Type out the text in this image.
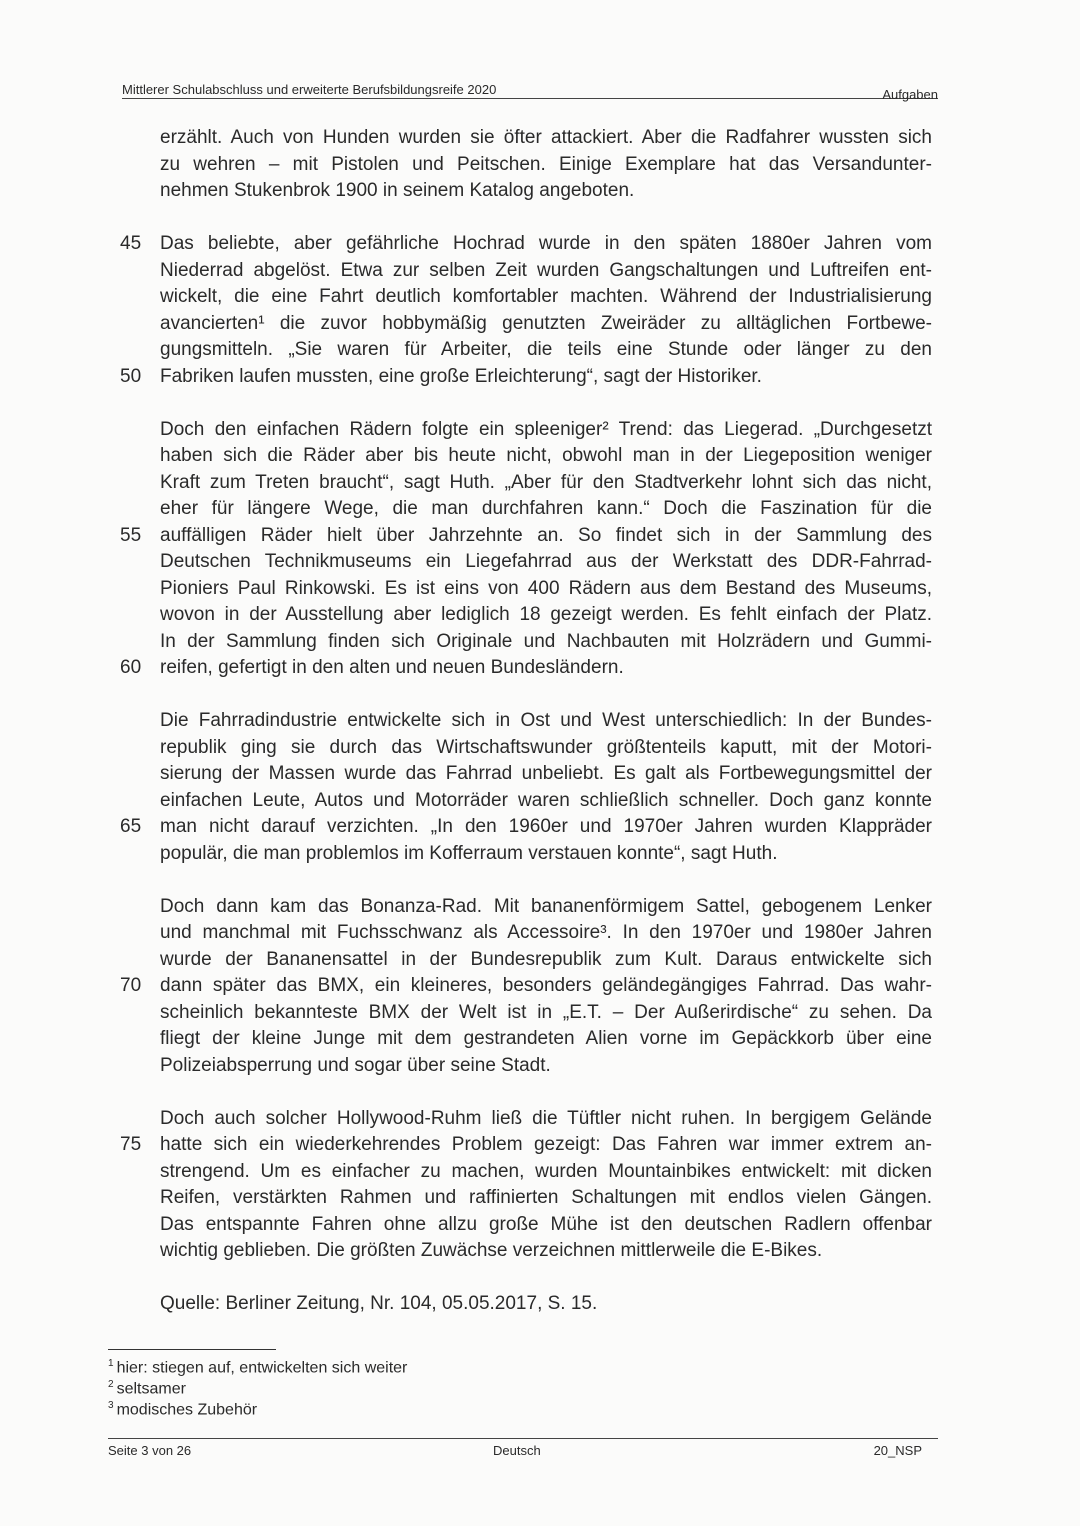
Mittlerer Schulabschluss und erweiterte Berufsbildungsreife 2020	Aufgaben
erzählt. Auch von Hunden wurden sie öfter attackiert. Aber die Radfahrer wussten sich
zu wehren – mit Pistolen und Peitschen. Einige Exemplare hat das Versandunter-
nehmen Stukenbrok 1900 in seinem Katalog angeboten.
45 Das beliebte, aber gefährliche Hochrad wurde in den späten 1880er Jahren vom
Niederrad abgelöst. Etwa zur selben Zeit wurden Gangschaltungen und Luftreifen ent-
wickelt, die eine Fahrt deutlich komfortabler machten. Während der Industrialisierung
avancierten¹ die zuvor hobbymäßig genutzten Zweiräder zu alltäglichen Fortbewe-
gungsmitteln. „Sie waren für Arbeiter, die teils eine Stunde oder länger zu den
50 Fabriken laufen mussten, eine große Erleichterung“, sagt der Historiker.
Doch den einfachen Rädern folgte ein spleeniger² Trend: das Liegerad. „Durchgesetzt
haben sich die Räder aber bis heute nicht, obwohl man in der Liegeposition weniger
Kraft zum Treten braucht“, sagt Huth. „Aber für den Stadtverkehr lohnt sich das nicht,
eher für längere Wege, die man durchfahren kann.“ Doch die Faszination für die
55 auffälligen Räder hielt über Jahrzehnte an. So findet sich in der Sammlung des
Deutschen Technikmuseums ein Liegefahrrad aus der Werkstatt des DDR-Fahrrad-
Pioniers Paul Rinkowski. Es ist eins von 400 Rädern aus dem Bestand des Museums,
wovon in der Ausstellung aber lediglich 18 gezeigt werden. Es fehlt einfach der Platz.
In der Sammlung finden sich Originale und Nachbauten mit Holzrädern und Gummi-
60 reifen, gefertigt in den alten und neuen Bundesländern.
Die Fahrradindustrie entwickelte sich in Ost und West unterschiedlich: In der Bundes-
republik ging sie durch das Wirtschaftswunder größtenteils kaputt, mit der Motori-
sierung der Massen wurde das Fahrrad unbeliebt. Es galt als Fortbewegungsmittel der
einfachen Leute, Autos und Motorräder waren schließlich schneller. Doch ganz konnte
65 man nicht darauf verzichten. „In den 1960er und 1970er Jahren wurden Klappräder
populär, die man problemlos im Kofferraum verstauen konnte“, sagt Huth.
Doch dann kam das Bonanza-Rad. Mit bananenförmigem Sattel, gebogenem Lenker
und manchmal mit Fuchsschwanz als Accessoire³. In den 1970er und 1980er Jahren
wurde der Bananensattel in der Bundesrepublik zum Kult. Daraus entwickelte sich
70 dann später das BMX, ein kleineres, besonders geländegängiges Fahrrad. Das wahr-
scheinlich bekannteste BMX der Welt ist in „E.T. – Der Außerirdische“ zu sehen. Da
fliegt der kleine Junge mit dem gestrandeten Alien vorne im Gepäckkorb über eine
Polizeiabsperrung und sogar über seine Stadt.
Doch auch solcher Hollywood-Ruhm ließ die Tüftler nicht ruhen. In bergigem Gelände
75 hatte sich ein wiederkehrendes Problem gezeigt: Das Fahren war immer extrem an-
strengend. Um es einfacher zu machen, wurden Mountainbikes entwickelt: mit dicken
Reifen, verstärkten Rahmen und raffinierten Schaltungen mit endlos vielen Gängen.
Das entspannte Fahren ohne allzu große Mühe ist den deutschen Radlern offenbar
wichtig geblieben. Die größten Zuwächse verzeichnen mittlerweile die E-Bikes.
Quelle: Berliner Zeitung, Nr. 104, 05.05.2017, S. 15.
$^1$ hier: stiegen auf, entwickelten sich weiter
$^2$ seltsamer
$^3$ modisches Zubehör
Seite 3 von 26	Deutsch	20_NSP
